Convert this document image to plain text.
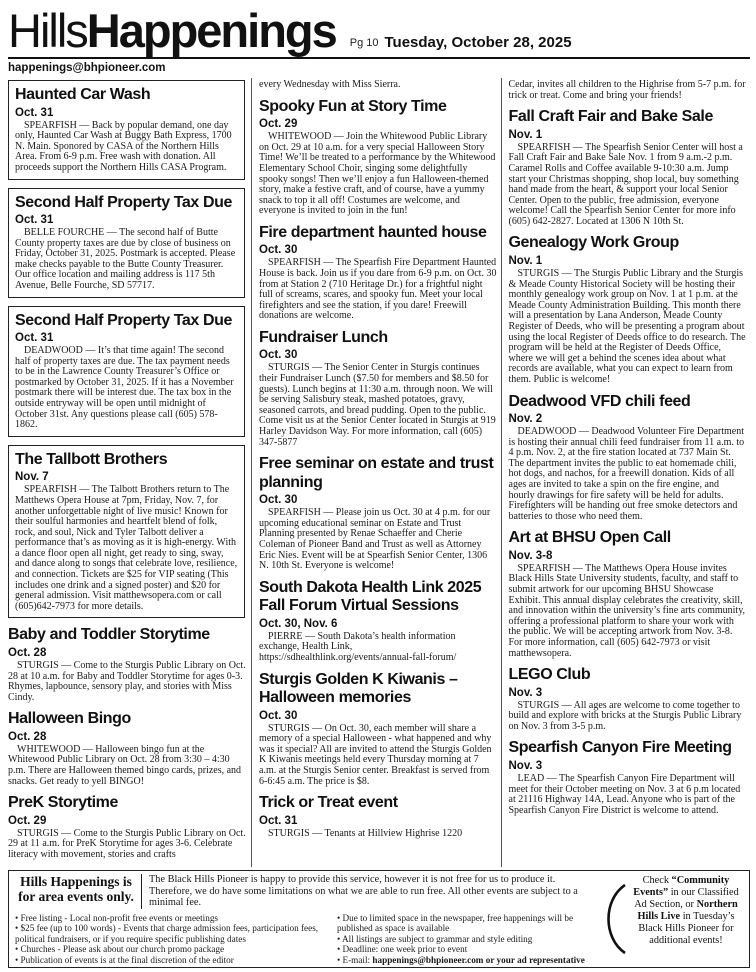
HillsHappenings Pg 10 Tuesday, October 28, 2025
happenings@bhpioneer.com
Haunted Car Wash
Oct. 31
SPEARFISH — Back by popular demand, one day only, Haunted Car Wash at Buggy Bath Express, 1700 N. Main. Sponored by CASA of the Northern Hills Area. From 6-9 p.m. Free wash with donation. All proceeds support the Northern Hills CASA Program.
Second Half Property Tax Due
Oct. 31
BELLE FOURCHE — The second half of Butte County property taxes are due by close of business on Friday, October 31, 2025. Postmark is accepted. Please make checks payable to the Butte County Treasurer. Our office location and mailing address is 117 5th Avenue, Belle Fourche, SD 57717.
Second Half Property Tax Due
Oct. 31
DEADWOOD — It’s that time again! The second half of property taxes are due. The tax payment needs to be in the Lawrence County Treasurer’s Office or postmarked by October 31, 2025. If it has a November postmark there will be interest due. The tax box in the outside entryway will be open until midnight of October 31st. Any questions please call (605) 578-1862.
The Tallbott Brothers
Nov. 7
SPEARFISH — The Talbott Brothers return to The Matthews Opera House at 7pm, Friday, Nov. 7, for another unforgettable night of live music! Known for their soulful harmonies and heartfelt blend of folk, rock, and soul, Nick and Tyler Talbott deliver a performance that’s as moving as it is high-energy. With a dance floor open all night, get ready to sing, sway, and dance along to songs that celebrate love, resilience, and connection. Tickets are $25 for VIP seating (This includes one drink and a signed poster) and $20 for general admission. Visit matthewsopera.com or call (605)642-7973 for more details.
Baby and Toddler Storytime
Oct. 28
STURGIS — Come to the Sturgis Public Library on Oct. 28 at 10 a.m. for Baby and Toddler Storytime for ages 0-3. Rhymes, lapbounce, sensory play, and stories with Miss Cindy.
Halloween Bingo
Oct. 28
WHITEWOOD — Halloween bingo fun at the Whitewood Public Library on Oct. 28 from 3:30 – 4:30 p.m. There are Halloween themed bingo cards, prizes, and snacks. Get ready to yell BINGO!
PreK Storytime
Oct. 29
STURGIS — Come to the Sturgis Public Library on Oct. 29 at 11 a.m. for PreK Storytime for ages 3-6. Celebrate literacy with movement, stories and crafts
every Wednesday with Miss Sierra.
Spooky Fun at Story Time
Oct. 29
WHITEWOOD — Join the Whitewood Public Library on Oct. 29 at 10 a.m. for a very special Halloween Story Time! We’ll be treated to a performance by the Whitewood Elementary School Choir, singing some delightfully spooky songs! Then we’ll enjoy a fun Halloween-themed story, make a festive craft, and of course, have a yummy snack to top it all off! Costumes are welcome, and everyone is invited to join in the fun!
Fire department haunted house
Oct. 30
SPEARFISH — The Spearfish Fire Department Haunted House is back. Join us if you dare from 6-9 p.m. on Oct. 30 from at Station 2 (710 Heritage Dr.) for a frightful night full of screams, scares, and spooky fun. Meet your local firefighters and see the station, if you dare! Freewill donations are welcome.
Fundraiser Lunch
Oct. 30
STURGIS — The Senior Center in Sturgis continues their Fundraiser Lunch ($7.50 for members and $8.50 for guests). Lunch begins at 11:30 a.m. through noon. We will be serving Salisbury steak, mashed potatoes, gravy, seasoned carrots, and bread pudding. Open to the public. Come visit us at the Senior Center located in Sturgis at 919 Harley Davidson Way. For more information, call (605) 347-5877
Free seminar on estate and trust planning
Oct. 30
SPEARFISH — Please join us Oct. 30 at 4 p.m. for our upcoming educational seminar on Estate and Trust Planning presented by Renae Schaeffer and Cherie Coleman of Pioneer Band and Trust as well as Attorney Eric Nies. Event will be at Spearfish Senior Center, 1306 N. 10th St. Everyone is welcome!
South Dakota Health Link 2025 Fall Forum Virtual Sessions
Oct. 30, Nov. 6
PIERRE — South Dakota’s health information exchange, Health Link, https://sdhealthlink.org/events/annual-fall-forum/
Sturgis Golden K Kiwanis – Halloween memories
Oct. 30
STURGIS — On Oct. 30, each member will share a memory of a special Halloween - what happened and why was it special? All are invited to attend the Sturgis Golden K Kiwanis meetings held every Thursday morning at 7 a.m. at the Sturgis Senior center. Breakfast is served from 6-6:45 a.m. The price is $8.
Trick or Treat event
Oct. 31
STURGIS — Tenants at Hillview Highrise 1220
Cedar, invites all children to the Highrise from 5-7 p.m. for trick or treat. Come and bring your friends!
Fall Craft Fair and Bake Sale
Nov. 1
SPEARFISH — The Spearfish Senior Center will host a Fall Craft Fair and Bake Sale Nov. 1 from 9 a.m.-2 p.m. Caramel Rolls and Coffee available 9-10:30 a.m. Jump start your Christmas shopping, shop local, buy something hand made from the heart, & support your local Senior Center. Open to the public, free admission, everyone welcome! Call the Spearfish Senior Center for more info (605) 642-2827. Located at 1306 N 10th St.
Genealogy Work Group
Nov. 1
STURGIS — The Sturgis Public Library and the Sturgis & Meade County Historical Society will be hosting their monthly genealogy work group on Nov. 1 at 1 p.m. at the Meade County Administration Building. This month there will a presentation by Lana Anderson, Meade County Register of Deeds, who will be presenting a program about using the local Register of Deeds office to do research. The program will be held at the Register of Deeds Office, where we will get a behind the scenes idea about what records are available, what you can expect to learn from them. Public is welcome!
Deadwood VFD chili feed
Nov. 2
DEADWOOD — Deadwood Volunteer Fire Department is hosting their annual chili feed fundraiser from 11 a.m. to 4 p.m. Nov. 2, at the fire station located at 737 Main St. The department invites the public to eat homemade chili, hot dogs, and nachos, for a freewill donation. Kids of all ages are invited to take a spin on the fire engine, and hourly drawings for fire safety will be held for adults. Firefighters will be handing out free smoke detectors and batteries to those who need them.
Art at BHSU Open Call
Nov. 3-8
SPEARFISH — The Matthews Opera House invites Black Hills State University students, faculty, and staff to submit artwork for our upcoming BHSU Showcase Exhibit. This annual display celebrates the creativity, skill, and innovation within the university’s fine arts community, offering a professional platform to share your work with the public. We will be accepting artwork from Nov. 3-8. For more information, call (605) 642-7973 or visit matthewsopera.
LEGO Club
Nov. 3
STURGIS — All ages are welcome to come together to build and explore with bricks at the Sturgis Public Library on Nov. 3 from 3-5 p.m.
Spearfish Canyon Fire Meeting
Nov. 3
LEAD — The Spearfish Canyon Fire Department will meet for their October meeting on Nov. 3 at 6 p.m located at 21116 Highway 14A, Lead. Anyone who is part of the Spearfish Canyon Fire District is welcome to attend.
Hills Happenings is
for area events only.
The Black Hills Pioneer is happy to provide this service, however it is not free for us to produce it. Therefore, we do have some limitations on what we are able to run free. All other events are subject to a minimal fee.
• Free listing - Local non-profit free events or meetings
• $25 fee (up to 100 words) - Events that charge admission fees, participation fees, political fundraisers, or if you require specific publishing dates
• Churches - Please ask about our church promo package
• Publication of events is at the final discretion of the editor
• Due to limited space in the newspaper, free happenings will be published as space is available
• All listings are subject to grammar and style editing
• Deadline: one week prior to event
• E-mail: happenings@bhpioneer.com or your ad representative
Check “Community Events” in our Classified Ad Section, or Northern Hills Live in Tuesday’s Black Hills Pioneer for additional events!
